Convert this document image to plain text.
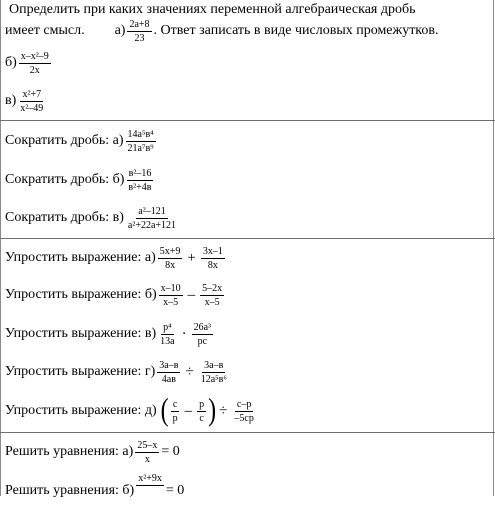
Определить при каких значениях переменной алгебраическая дробь
имеет смысл. $а) \frac{2a+8}{23}$ . Ответ записать в виде числовых промежутков.
$б) \frac{\text{x–x²–9}}{2x}$
$в) \frac{\text{x²+7}}{\text{x²–49}}$
Сократить дробь: $а) \frac{\text{14a⁵в⁴}}{\text{21a⁷в⁹}}$
Сократить дробь: $б) \frac{\text{в²–16}}{\text{в²+4в}}$
Сократить дробь: $в) \frac{\text{a²–121}}{\text{a²+22a+121}}$
Упростить выражение: $а) \frac{5x+9}{8x} + \frac{3x-1}{8x}$
Упростить выражение: $б) \frac{x-10}{x-5} - \frac{5-2x}{x-5}$
Упростить выражение: $в) \frac{\text{p⁴}}{13a} \cdot \frac{\text{26a³}}{pc}$
Упростить выражение: $г) \frac{3a-в}{4aв} \div \frac{3a-в}{\text{12a⁵в⁶}}$
Упростить выражение: д) ( $\frac{c}{p} - \frac{p}{c}$ ) ÷ $\frac{c-p}{-5cp}$
Решить уравнения: $а) \frac{25-x}{x} = 0$
Решить уравнения: б)
x²+9x
= 0
